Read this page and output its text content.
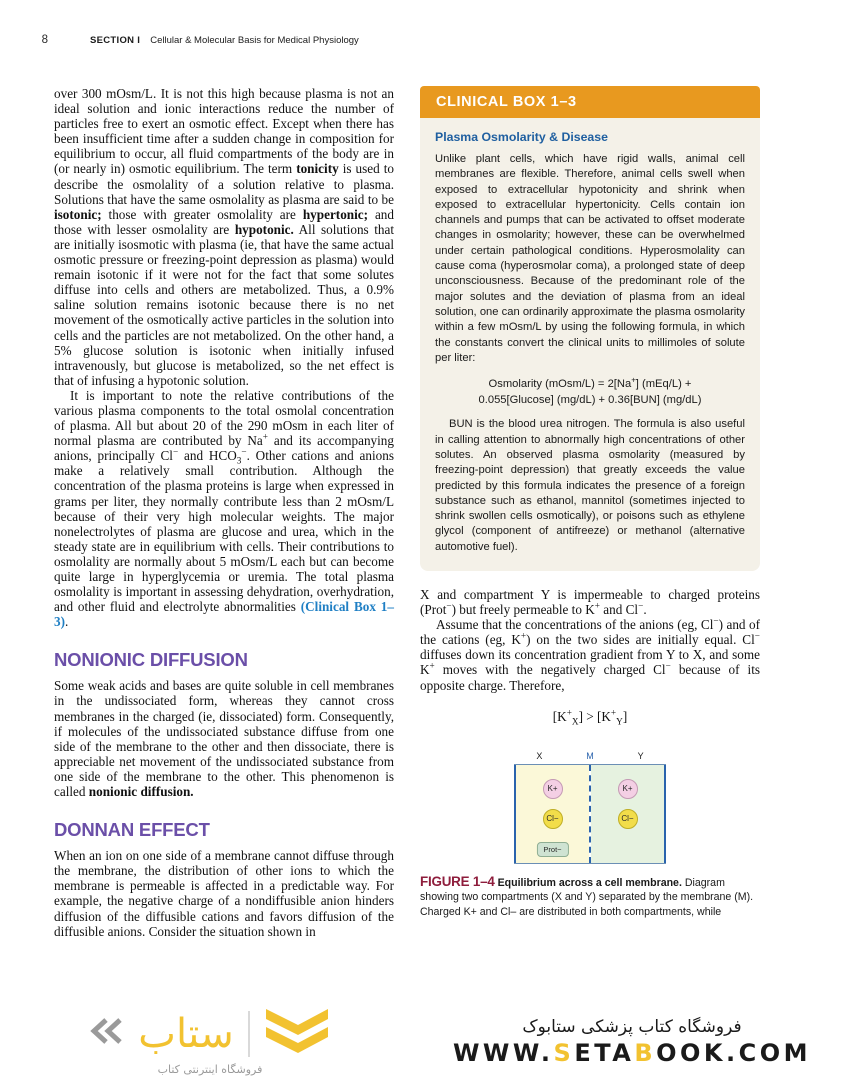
8	SECTION I Cellular & Molecular Basis for Medical Physiology

over 300 mOsm/L. It is not this high because plasma is not an ideal solution and ionic interactions reduce the number of particles free to exert an osmotic effect. Except when there has been insufficient time after a sudden change in composition for equilibrium to occur, all fluid compartments of the body are in (or nearly in) osmotic equilibrium. The term tonicity is used to describe the osmolality of a solution relative to plasma. Solutions that have the same osmolality as plasma are said to be isotonic; those with greater osmolality are hypertonic; and those with lesser osmolality are hypotonic. All solutions that are initially isosmotic with plasma (ie, that have the same actual osmotic pressure or freezing-point depression as plasma) would remain isotonic if it were not for the fact that some solutes diffuse into cells and others are metabolized. Thus, a 0.9% saline solution remains isotonic because there is no net movement of the osmotically active particles in the solution into cells and the particles are not metabolized. On the other hand, a 5% glucose solution is isotonic when initially infused intravenously, but glucose is metabolized, so the net effect is that of infusing a hypotonic solution.

It is important to note the relative contributions of the various plasma components to the total osmolal concentration of plasma. All but about 20 of the 290 mOsm in each liter of normal plasma are contributed by Na+ and its accompanying anions, principally Cl− and $HCO_3^-$. Other cations and anions make a relatively small contribution. Although the concentration of the plasma proteins is large when expressed in grams per liter, they normally contribute less than 2 mOsm/L because of their very high molecular weights. The major nonelectrolytes of plasma are glucose and urea, which in the steady state are in equilibrium with cells. Their contributions to osmolality are normally about 5 mOsm/L each but can become quite large in hyperglycemia or uremia. The total plasma osmolality is important in assessing dehydration, overhydration, and other fluid and electrolyte abnormalities (Clinical Box 1–3).

NONIONIC DIFFUSION

Some weak acids and bases are quite soluble in cell membranes in the undissociated form, whereas they cannot cross membranes in the charged (ie, dissociated) form. Consequently, if molecules of the undissociated substance diffuse from one side of the membrane to the other and then dissociate, there is appreciable net movement of the undissociated substance from one side of the membrane to the other. This phenomenon is called nonionic diffusion.

DONNAN EFFECT

When an ion on one side of a membrane cannot diffuse through the membrane, the distribution of other ions to which the membrane is permeable is affected in a predictable way. For example, the negative charge of a nondiffusible anion hinders diffusion of the diffusible cations and favors diffusion of the diffusible anions. Consider the situation shown in

CLINICAL BOX 1–3
Plasma Osmolarity & Disease

Unlike plant cells, which have rigid walls, animal cell membranes are flexible. Therefore, animal cells swell when exposed to extracellular hypotonicity and shrink when exposed to extracellular hypertonicity. Cells contain ion channels and pumps that can be activated to offset moderate changes in osmolarity; however, these can be overwhelmed under certain pathological conditions. Hyperosmolality can cause coma (hyperosmolar coma), a prolonged state of deep unconsciousness. Because of the predominant role of the major solutes and the deviation of plasma from an ideal solution, one can ordinarily approximate the plasma osmolarity within a few mOsm/L by using the following formula, in which the constants convert the clinical units to millimoles of solute per liter:

Osmolarity (mOsm/L) = 2[Na+] (mEq/L) +
0.055[Glucose] (mg/dL) + 0.36[BUN] (mg/dL)

BUN is the blood urea nitrogen. The formula is also useful in calling attention to abnormally high concentrations of other solutes. An observed plasma osmolarity (measured by freezing-point depression) that greatly exceeds the value predicted by this formula indicates the presence of a foreign substance such as ethanol, mannitol (sometimes injected to shrink swollen cells osmotically), or poisons such as ethylene glycol (component of antifreeze) or methanol (alternative automotive fuel).

X and compartment Y is impermeable to charged proteins (Prot−) but freely permeable to K+ and Cl−.

Assume that the concentrations of the anions (eg, Cl−) and of the cations (eg, K+) on the two sides are initially equal. Cl− diffuses down its concentration gradient from Y to X, and some K+ moves with the negatively charged Cl− because of its opposite charge. Therefore,

$[K^+_X] > [K^+_Y]$
X	M	Y
K+
Cl−
Prot−
K+
Cl−
FIGURE 1–4 Equilibrium across a cell membrane. Diagram showing two compartments (X and Y) separated by the membrane (M). Charged K+ and Cl– are distributed in both compartments, while
ستاب
فروشگاه اینترنتی کتاب
فروشگاه کتاب پزشکی ستابوک
WWW.SETABOOK.COM
